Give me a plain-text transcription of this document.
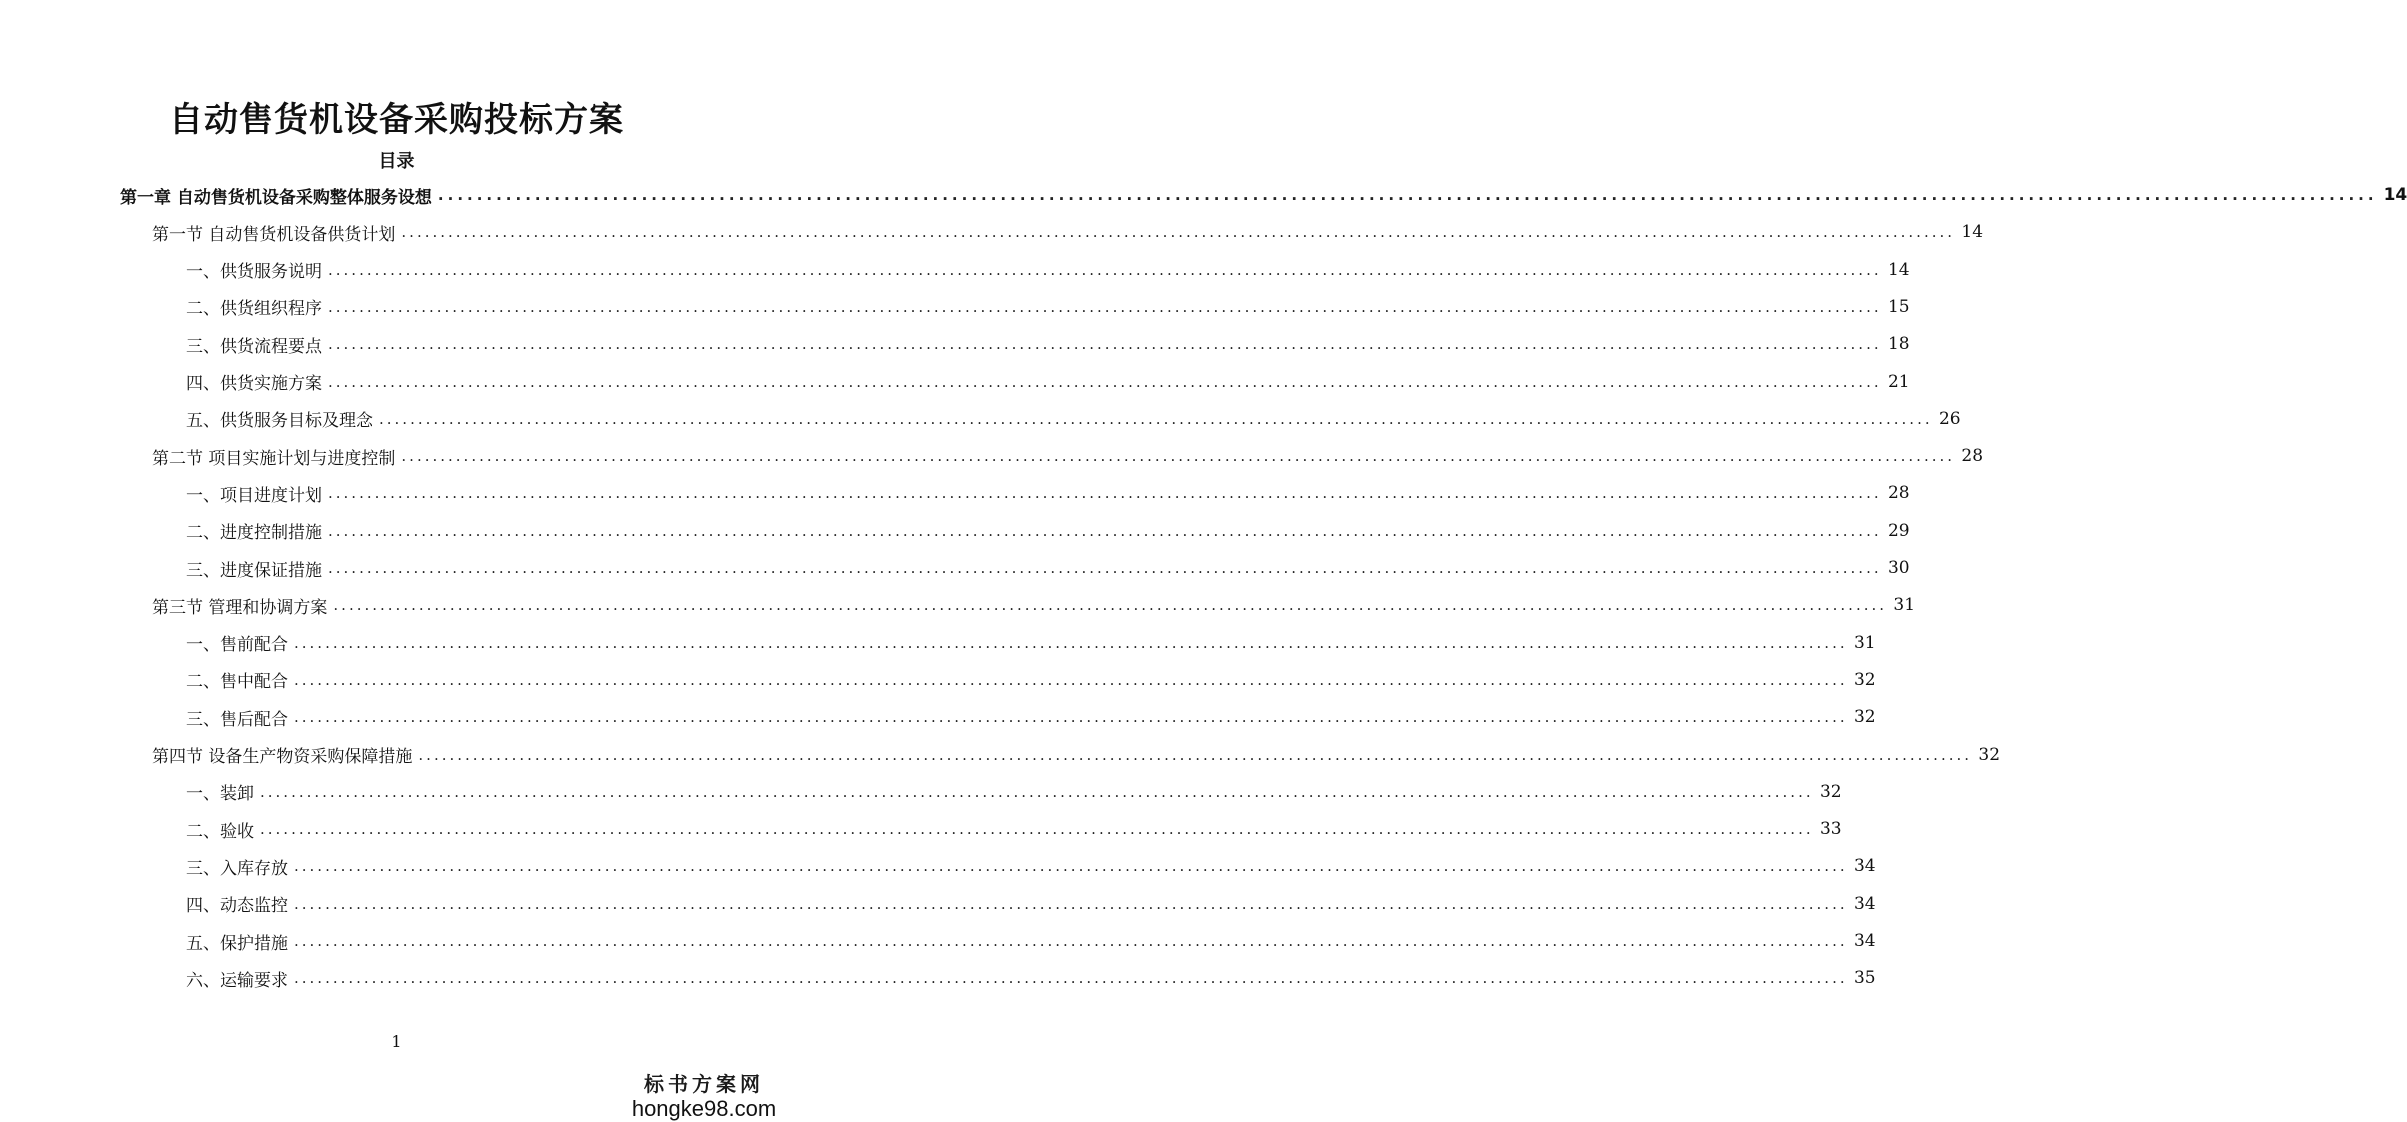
自动售货机设备采购投标方案
目录
第一章 自动售货机设备采购整体服务设想 ........................................................................................................................................................................................................ 14
第一节 自动售货机设备供货计划 ........................................................................................................................................................................................................ 14
一、供货服务说明 ........................................................................................................................................................................................................ 14
二、供货组织程序 ........................................................................................................................................................................................................ 15
三、供货流程要点 ........................................................................................................................................................................................................ 18
四、供货实施方案 ........................................................................................................................................................................................................ 21
五、供货服务目标及理念 ........................................................................................................................................................................................................ 26
第二节 项目实施计划与进度控制 ........................................................................................................................................................................................................ 28
一、项目进度计划 ........................................................................................................................................................................................................ 28
二、进度控制措施 ........................................................................................................................................................................................................ 29
三、进度保证措施 ........................................................................................................................................................................................................ 30
第三节 管理和协调方案 ........................................................................................................................................................................................................ 31
一、售前配合 ........................................................................................................................................................................................................ 31
二、售中配合 ........................................................................................................................................................................................................ 32
三、售后配合 ........................................................................................................................................................................................................ 32
第四节 设备生产物资采购保障措施 ........................................................................................................................................................................................................ 32
一、装卸 ........................................................................................................................................................................................................ 32
二、验收 ........................................................................................................................................................................................................ 33
三、入库存放 ........................................................................................................................................................................................................ 34
四、动态监控 ........................................................................................................................................................................................................ 34
五、保护措施 ........................................................................................................................................................................................................ 34
六、运输要求 ........................................................................................................................................................................................................ 35
1
标书方案网
hongke98.com
